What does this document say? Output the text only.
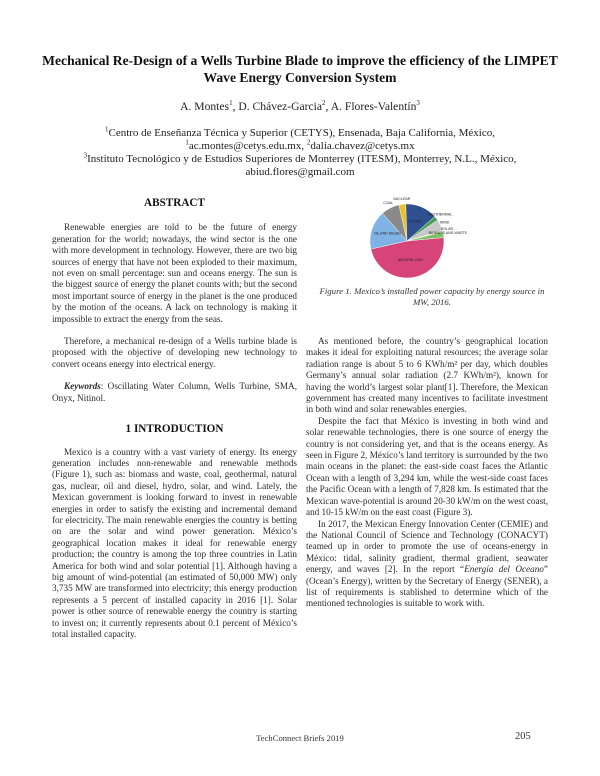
Mechanical Re-Design of a Wells Turbine Blade to improve the efficiency of the LIMPET Wave Energy Conversion System
A. Montes$^1$, D. Chávez-Garcia$^2$, A. Flores-Valentín$^3$
$^1$Centro de Enseñanza Técnica y Superior (CETYS), Ensenada, Baja California, México,
$^1$ac.montes@cetys.edu.mx, $^2$dalia.chavez@cetys.mx
$^3$Instituto Tecnológico y de Estudios Superiores de Monterrey (ITESM), Monterrey, N.L., México,
abiud.flores@gmail.com
ABSTRACT

Renewable energies are told to be the future of energy generation for the world; nowadays, the wind sector is the one with more development in technology. However, there are two big sources of energy that have not been exploded to their maximum, not even on small percentage: sun and oceans energy. The sun is the biggest source of energy the planet counts with; but the second most important source of energy in the planet is the one produced by the motion of the oceans. A lack on technology is making it impossible to extract the energy from the seas.

Therefore, a mechanical re-design of a Wells turbine blade is proposed with the objective of developing new technology to convert oceans energy into electrical energy.

Keywords: Oscillating Water Column, Wells Turbine, SMA, Onyx, Nitinol.

1 INTRODUCTION

Mexico is a country with a vast variety of energy. Its energy generation includes non-renewable and renewable methods (Figure 1), such as: biomass and waste, coal, geothermal, natural gas, nuclear, oil and diesel, hydro, solar, and wind. Lately, the Mexican government is looking forward to invest in renewable energies in order to satisfy the existing and incremental demand for electricity. The main renewable energies the country is betting on are the solar and wind power generation. México’s geographical location makes it ideal for renewable energy production; the country is among the top three countries in Latin America for both wind and solar potential [1]. Although having a big amount of wind-potential (an estimated of 50,000 MW) only 3,735 MW are transformed into electricity; this energy production represents a 5 percent of installed capacity in 2016 [1]. Solar power is other source of renewable energy the country is starting to invest on; it currently represents about 0.1 percent of México’s total installed capacity.

NATURAL GAS
OIL AND DIESEL
COAL
NUCLEAR
HYDRO
GEOTHERMAL
WIND
SOLAR
BIOMASS AND WASTE
Figure 1. Mexico’s installed power capacity by energy source in MW, 2016.

As mentioned before, the country’s geographical location makes it ideal for exploiting natural resources; the average solar radiation range is about 5 to 6 KWh/m² per day, which doubles Germany’s annual solar radiation (2.7 KWh/m²), known for having the world’s largest solar plant[1]. Therefore, the Mexican government has created many incentives to facilitate investment in both wind and solar renewables energies.

Despite the fact that México is investing in both wind and solar renewable technologies, there is one source of energy the country is not considering yet, and that is the oceans energy. As seen in Figure 2, México’s land territory is surrounded by the two main oceans in the planet: the east-side coast faces the Atlantic Ocean with a length of 3,294 km, while the west-side coast faces the Pacific Ocean with a length of 7,828 km. Is estimated that the Mexican wave-potential is around 20-30 kW/m on the west coast, and 10-15 kW/m on the east coast (Figure 3).

In 2017, the Mexican Energy Innovation Center (CEMIE) and the National Council of Science and Technology (CONACYT) teamed up in order to promote the use of oceans-energy in México: tidal, salinity gradient, thermal gradient, seawater energy, and waves [2]. In the report “Energía del Oceano” (Ocean’s Energy), written by the Secretary of Energy (SENER), a list of requirements is stablished to determine which of the mentioned technologies is suitable to work with.

TechConnect Briefs 2019	205
